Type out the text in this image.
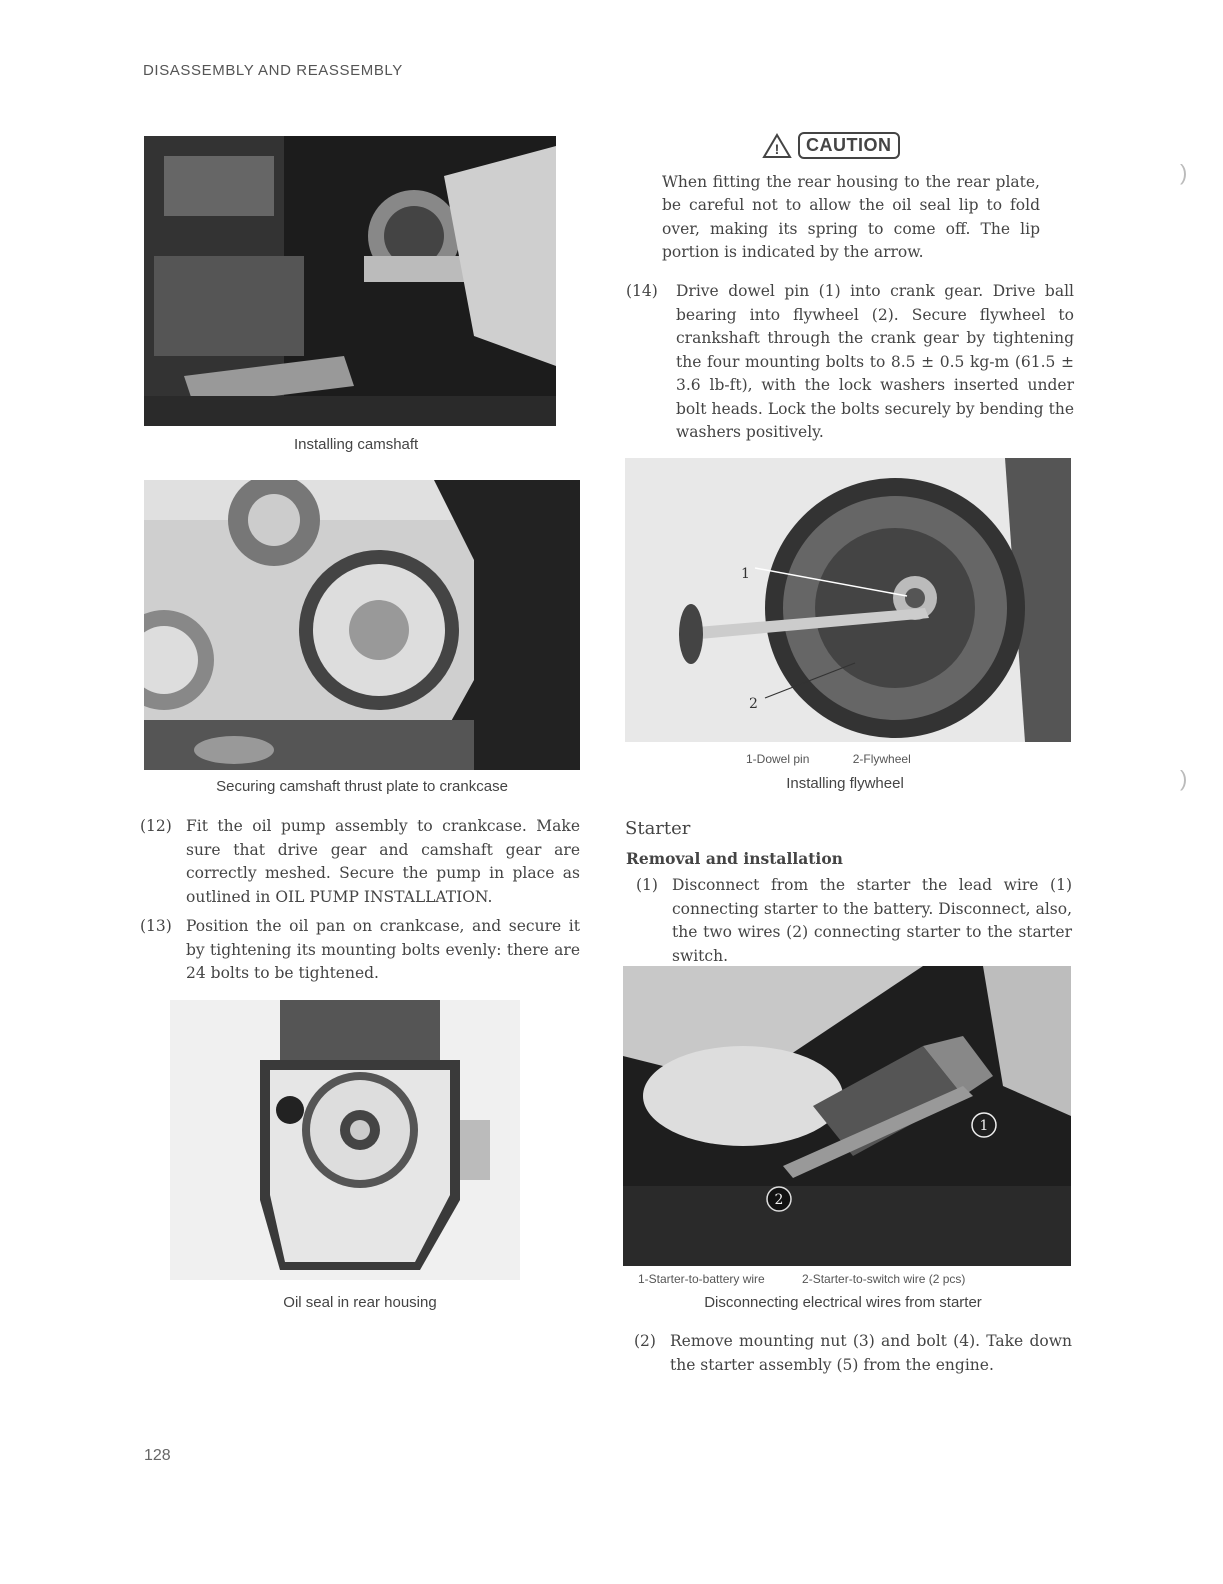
DISASSEMBLY AND REASSEMBLY
Installing camshaft
Securing camshaft thrust plate to crankcase
(12) Fit the oil pump assembly to crankcase. Make sure that drive gear and camshaft gear are correctly meshed. Secure the pump in place as outlined in OIL PUMP INSTALLATION.
(13) Position the oil pan on crankcase, and secure it by tightening its mounting bolts evenly: there are 24 bolts to be tightened.
Oil seal in rear housing
!	CAUTION
When fitting the rear housing to the rear plate, be careful not to allow the oil seal lip to fold over, making its spring to come off. The lip portion is indicated by the arrow.
(14)	Drive dowel pin (1) into crank gear. Drive ball bearing into flywheel (2). Secure flywheel to crankshaft through the crank gear by tightening the four mounting bolts to 8.5 ± 0.5 kg-m (61.5 ± 3.6 lb-ft), with the lock washers inserted under bolt heads. Lock the bolts securely by bending the washers positively.
1
2
1-Dowel pin	2-Flywheel
Installing flywheel
Starter
Removal and installation
(1) Disconnect from the starter the lead wire (1) connecting starter to the battery. Disconnect, also, the two wires (2) connecting starter to the starter switch.
1
2
1-Starter-to-battery wire	2-Starter-to-switch wire (2 pcs)
Disconnecting electrical wires from starter
(2) Remove mounting nut (3) and bolt (4). Take down the starter assembly (5) from the engine.
)
)
128
